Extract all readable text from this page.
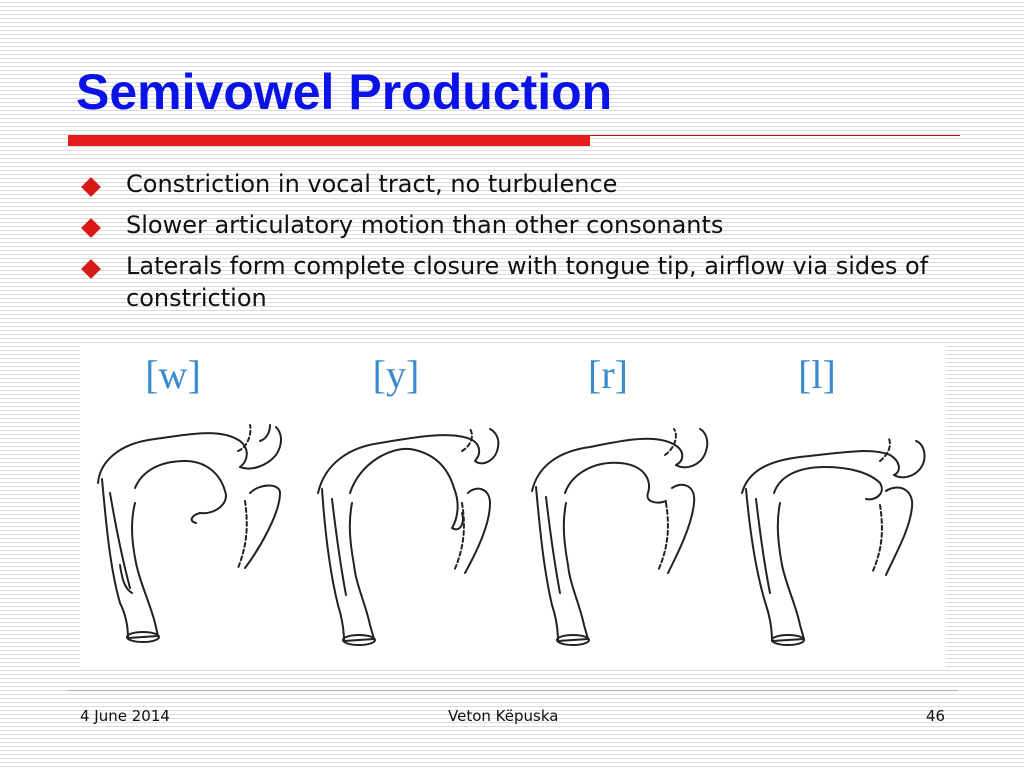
Semivowel Production
Constriction in vocal tract, no turbulence
Slower articulatory motion than other consonants
Laterals form complete closure with tongue tip, airflow via sides of constriction
[w]	[y]	[r]	[l]
4 June 2014	Veton Këpuska	46
